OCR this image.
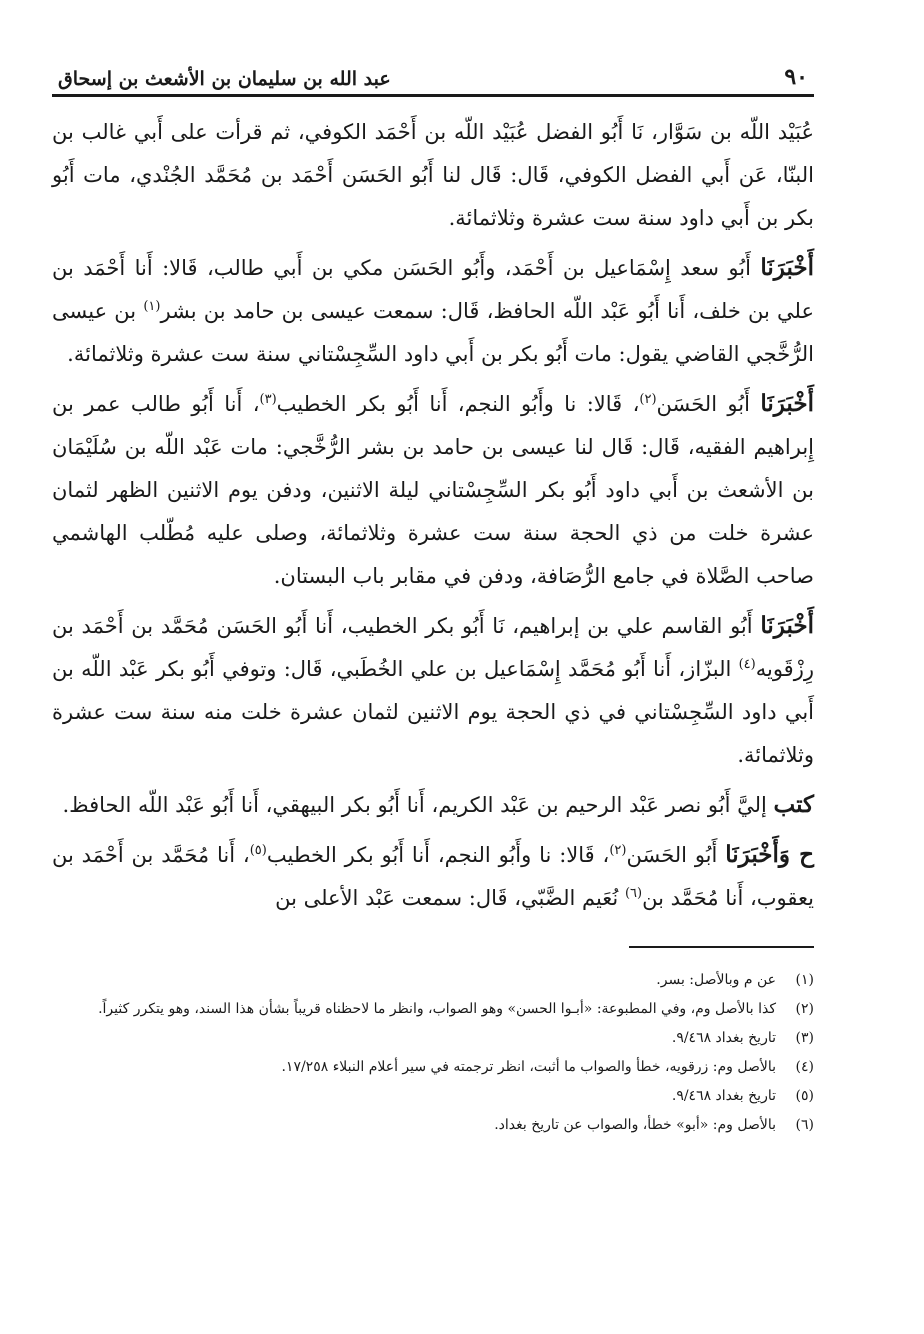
٩٠
عبد الله بن سليمان بن الأشعث بن إسحاق

عُبَيْد اللّه بن سَوَّار، نَا أَبُو الفضل عُبَيْد اللّه بن أَحْمَد الكوفي، ثم قرأت على أَبي غالب بن البنّا، عَن أَبي الفضل الكوفي، قَال: قَال لنا أَبُو الحَسَن أَحْمَد بن مُحَمَّد الجُنْدي، مات أَبُو بكر بن أَبي داود سنة ست عشرة وثلاثمائة.

أَخْبَرَنَا أَبُو سعد إِسْمَاعيل بن أَحْمَد، وأَبُو الحَسَن مكي بن أَبي طالب، قَالا: أَنا أَحْمَد بن علي بن خلف، أَنا أَبُو عَبْد اللّه الحافظ، قَال: سمعت عيسى بن حامد بن بشر$^{(١)}$ بن عيسى الرُّخَّجي القاضي يقول: مات أَبُو بكر بن أَبي داود السِّجِسْتاني سنة ست عشرة وثلاثمائة.

أَخْبَرَنَا أَبُو الحَسَن$^{(٢)}$، قَالا: نا وأَبُو النجم، أَنا أَبُو بكر الخطيب$^{(٣)}$، أَنا أَبُو طالب عمر بن إِبراهيم الفقيه، قَال: قَال لنا عيسى بن حامد بن بشر الرُّخَّجي: مات عَبْد اللّه بن سُلَيْمَان بن الأشعث بن أَبي داود أَبُو بكر السِّجِسْتاني ليلة الاثنين، ودفن يوم الاثنين الظهر لثمان عشرة خلت من ذي الحجة سنة ست عشرة وثلاثمائة، وصلى عليه مُطّلب الهاشمي صاحب الصَّلاة في جامع الرُّصَافة، ودفن في مقابر باب البستان.

أَخْبَرَنَا أَبُو القاسم علي بن إبراهيم، نَا أَبُو بكر الخطيب، أَنا أَبُو الحَسَن مُحَمَّد بن أَحْمَد بن رِزْقَويه$^{(٤)}$ البزّاز، أَنا أَبُو مُحَمَّد إِسْمَاعيل بن علي الخُطَبي، قَال: وتوفي أَبُو بكر عَبْد اللّه بن أَبي داود السِّجِسْتاني في ذي الحجة يوم الاثنين لثمان عشرة خلت منه سنة ست عشرة وثلاثمائة.

كتب إليَّ أَبُو نصر عَبْد الرحيم بن عَبْد الكريم، أَنا أَبُو بكر البيهقي، أَنا أَبُو عَبْد اللّه الحافظ.

ح وَأَخْبَرَنَا أَبُو الحَسَن$^{(٢)}$، قَالا: نا وأَبُو النجم، أَنا أَبُو بكر الخطيب$^{(٥)}$، أَنا مُحَمَّد بن أَحْمَد بن يعقوب، أَنا مُحَمَّد بن$^{(٦)}$ نُعَيم الضَّبّي، قَال: سمعت عَبْد الأعلى بن

(١)
عن م وبالأصل: بسر.
(٢)
كذا بالأصل وم، وفي المطبوعة: «أبـوا الحسن» وهو الصواب، وانظر ما لاحظناه قريباً بشأن هذا السند، وهو يتكرر كثيراً.
(٣)
تاريخ بغداد ٩/٤٦٨.
(٤)
بالأصل وم: زرقويه، خطأ والصواب ما أثبت، انظر ترجمته في سير أعلام النبلاء ١٧/٢٥٨.
(٥)
تاريخ بغداد ٩/٤٦٨.
(٦)
بالأصل وم: «أبو» خطأ، والصواب عن تاريخ بغداد.
